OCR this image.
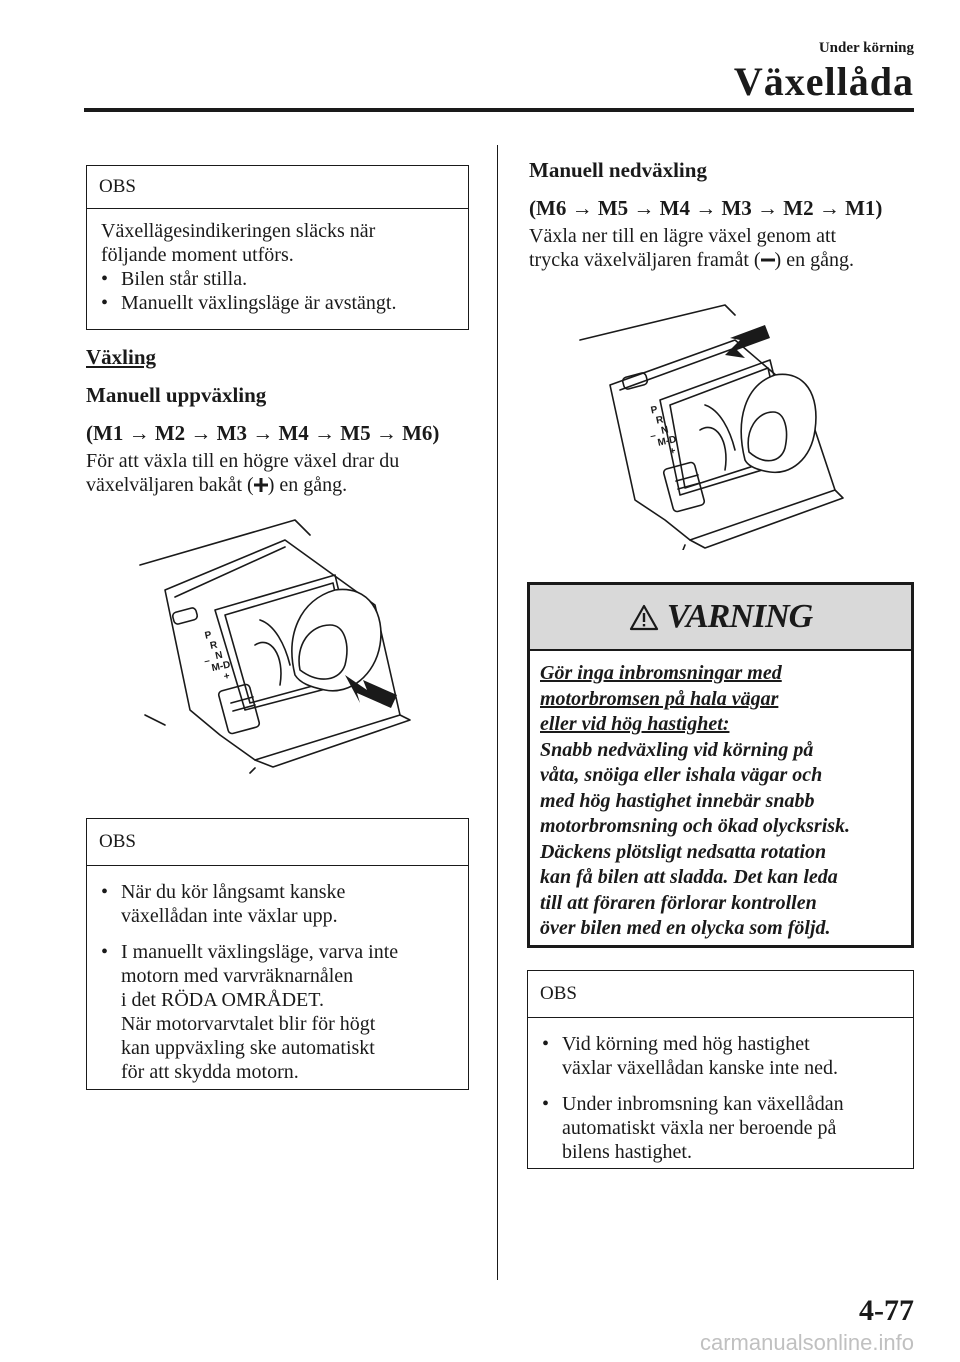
Under körning
Växellåda
OBS
Växellägesindikeringen släcks när
följande moment utförs.
• Bilen står stilla.
• Manuellt växlingsläge är avstängt.
Växling
Manuell uppväxling
(M1 → M2 → M3 → M4 → M5 → M6)
För att växla till en högre växel drar du
växelväljaren bakåt ( ) en gång.
P
R
N
M-D
–
+
OBS
• När du kör långsamt kanske
växellådan inte växlar upp.
• I manuellt växlingsläge, varva inte
motorn med varvräknarnålen
i det RÖDA OMRÅDET.
När motorvarvtalet blir för högt
kan uppväxling ske automatiskt
för att skydda motorn.
Manuell nedväxling
(M6 → M5 → M4 → M3 → M2 → M1)
Växla ner till en lägre växel genom att
trycka växelväljaren framåt ( ) en gång.
P
R
N
M-D
–
+
VARNING
Gör inga inbromsningar med
motorbromsen på hala vägar
eller vid hög hastighet:
Snabb nedväxling vid körning på
våta, snöiga eller ishala vägar och
med hög hastighet innebär snabb
motorbromsning och ökad olycksrisk.
Däckens plötsligt nedsatta rotation
kan få bilen att sladda. Det kan leda
till att föraren förlorar kontrollen
över bilen med en olycka som följd.
OBS
• Vid körning med hög hastighet
växlar växellådan kanske inte ned.
• Under inbromsning kan växellådan
automatiskt växla ner beroende på
bilens hastighet.
4-77
carmanualsonline.info
